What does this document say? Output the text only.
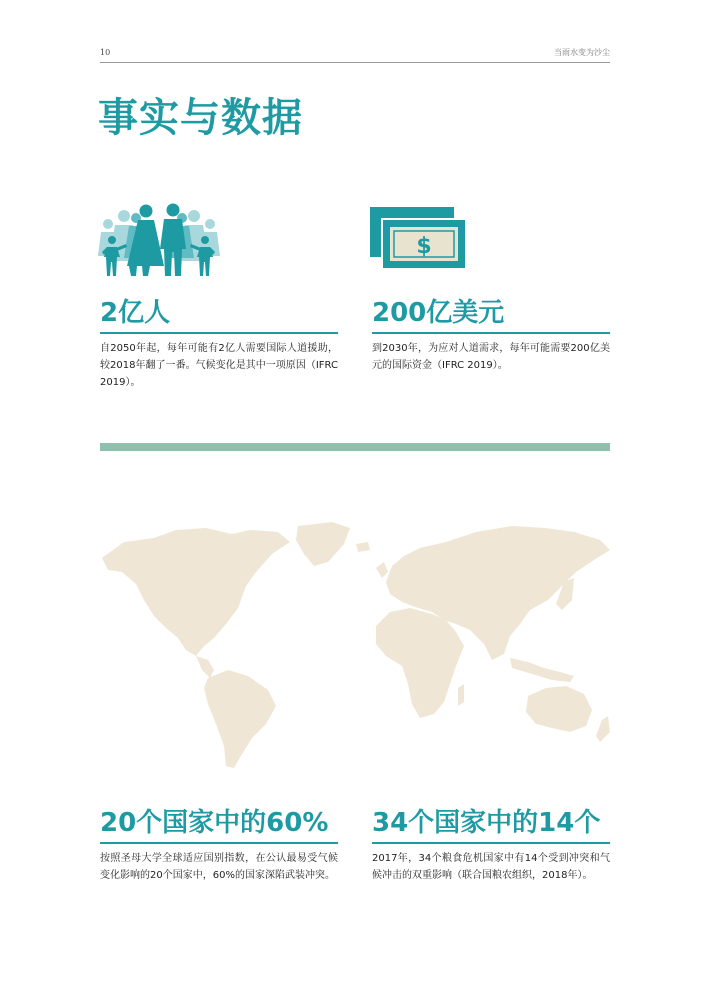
10	当雨水变为沙尘
事实与数据
$
2亿人
自2050年起，每年可能有2亿人需要国际人道援助，较2018年翻了一番。气候变化是其中一项原因（IFRC 2019）。
200亿美元
到2030年，为应对人道需求，每年可能需要200亿美元的国际资金（IFRC 2019）。
20个国家中的60%
按照圣母大学全球适应国别指数，在公认最易受气候变化影响的20个国家中，60%的国家深陷武装冲突。
34个国家中的14个
2017年，34个粮食危机国家中有14个受到冲突和气候冲击的双重影响（联合国粮农组织，2018年）。
